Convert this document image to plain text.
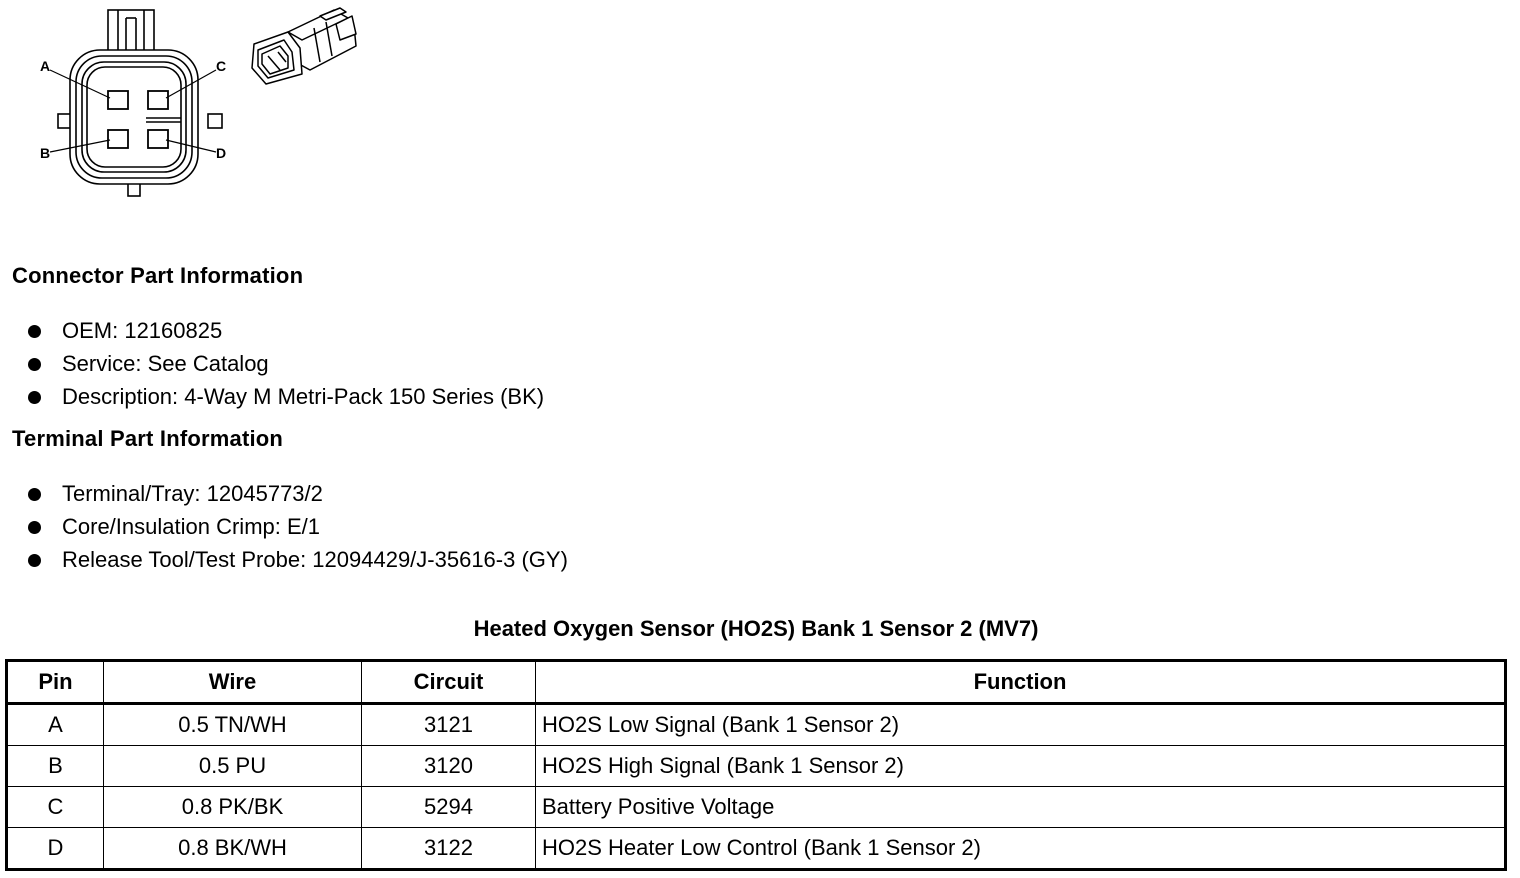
A
B
C
D
Connector Part Information
OEM: 12160825
Service: See Catalog
Description: 4-Way M Metri-Pack 150 Series (BK)
Terminal Part Information
Terminal/Tray: 12045773/2
Core/Insulation Crimp: E/1
Release Tool/Test Probe: 12094429/J-35616-3 (GY)
Heated Oxygen Sensor (HO2S) Bank 1 Sensor 2 (MV7)
Pin	Wire	Circuit	Function
A	0.5 TN/WH	3121	HO2S Low Signal (Bank 1 Sensor 2)
B	0.5 PU	3120	HO2S High Signal (Bank 1 Sensor 2)
C	0.8 PK/BK	5294	Battery Positive Voltage
D	0.8 BK/WH	3122	HO2S Heater Low Control (Bank 1 Sensor 2)
